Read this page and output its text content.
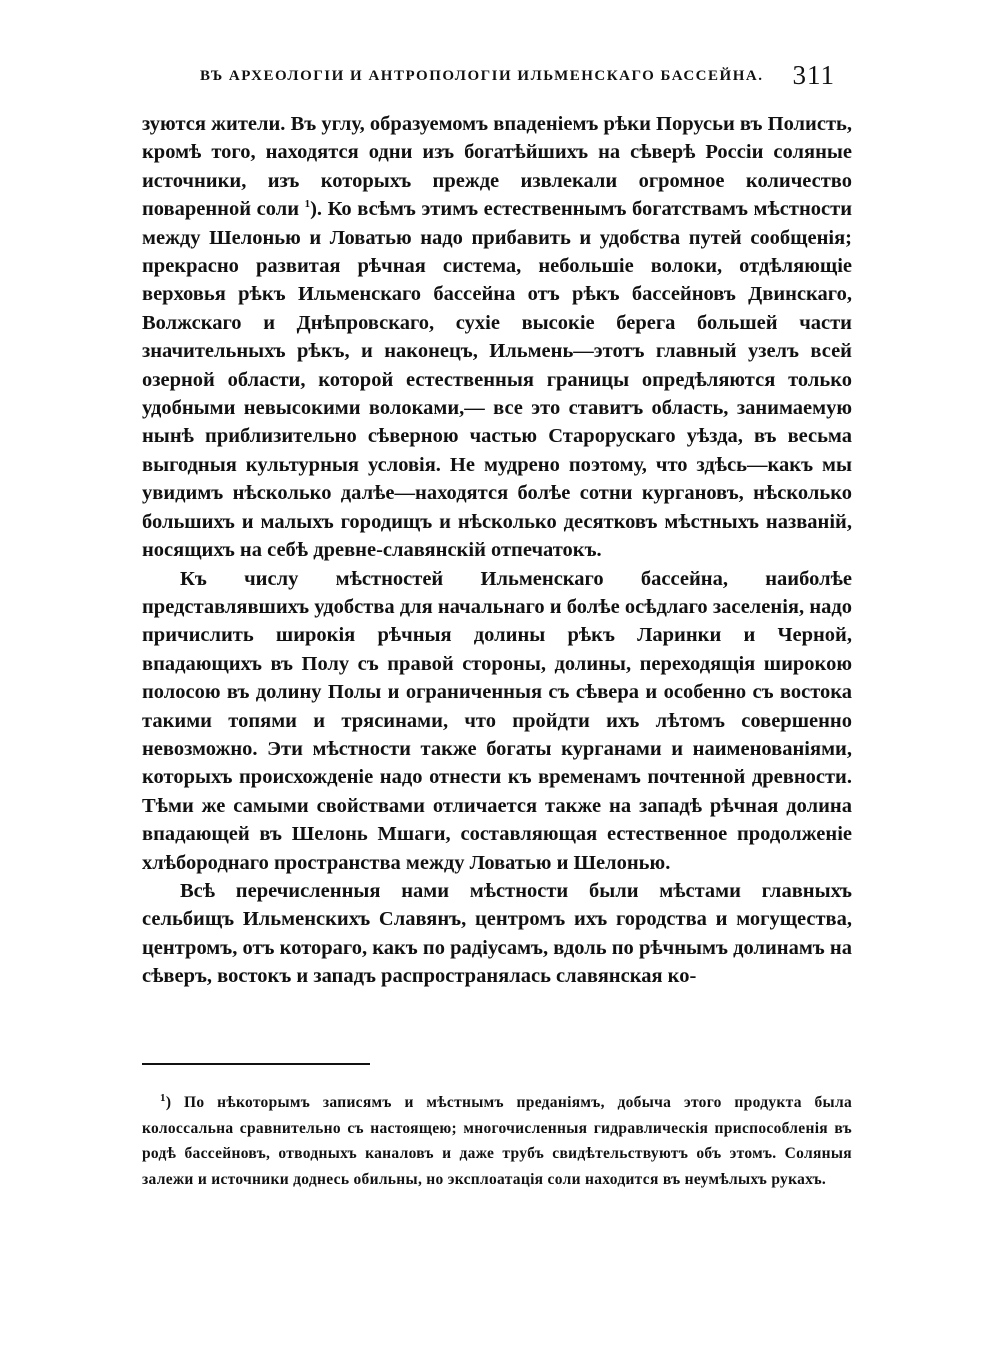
ВЪ АРХЕОЛОГІИ И АНТРОПОЛОГІИ ИЛЬМЕНСКАГО БАССЕЙНА. 311

зуются жители. Въ углу, образуемомъ впаденіемъ рѣки Порусьи въ Полисть, кромѣ того, находятся одни изъ богатѣйшихъ на сѣверѣ Россіи соляные источники, изъ которыхъ прежде извлекали огромное количество поваренной соли $^1$). Ко всѣмъ этимъ естественнымъ богатствамъ мѣстности между Шелонью и Ловатью надо прибавить и удобства путей сообщенія; прекрасно развитая рѣчная система, небольшіе волоки, отдѣляющіе верховья рѣкъ Ильменскаго бассейна отъ рѣкъ бассейновъ Двинскаго, Волжскаго и Днѣпровскаго, сухіе высокіе берега большей части значительныхъ рѣкъ, и наконецъ, Ильмень—этотъ главный узелъ всей озерной области, которой естественныя границы опредѣляются только удобными невысокими волоками,— все это ставитъ область, занимаемую нынѣ приблизительно сѣверною частью Старорускаго уѣзда, въ весьма выгодныя культурныя условія. Не мудрено поэтому, что здѣсь—какъ мы увидимъ нѣсколько далѣе—находятся болѣе сотни кургановъ, нѣсколько большихъ и малыхъ городищъ и нѣсколько десятковъ мѣстныхъ названій, носящихъ на себѣ древне-славянскій отпечатокъ.

Къ числу мѣстностей Ильменскаго бассейна, наиболѣе представлявшихъ удобства для начальнаго и болѣе осѣдлаго заселенія, надо причислить широкія рѣчныя долины рѣкъ Ларинки и Черной, впадающихъ въ Полу съ правой стороны, долины, переходящія широкою полосою въ долину Полы и ограниченныя съ сѣвера и особенно съ востока такими топями и трясинами, что пройдти ихъ лѣтомъ совершенно невозможно. Эти мѣстности также богаты курганами и наименованіями, которыхъ происхожденіе надо отнести къ временамъ почтенной древности. Тѣми же самыми свойствами отличается также на западѣ рѣчная долина впадающей въ Шелонь Мшаги, составляющая естественное продолженіе хлѣбороднаго пространства между Ловатью и Шелонью.

Всѣ перечисленныя нами мѣстности были мѣстами главныхъ сельбищъ Ильменскихъ Славянъ, центромъ ихъ городства и могущества, центромъ, отъ котораго, какъ по радіусамъ, вдоль по рѣчнымъ долинамъ на сѣверъ, востокъ и западъ распространялась славянская ко-

$^1$) По нѣкоторымъ записямъ и мѣстнымъ преданіямъ, добыча этого продукта была колоссальна сравнительно съ настоящею; многочисленныя гидравлическія приспособленія въ родѣ бассейновъ, отводныхъ каналовъ и даже трубъ свидѣтельствуютъ объ этомъ. Соляныя залежи и источники доднесь обильны, но эксплоатація соли находится въ неумѣлыхъ рукахъ.
